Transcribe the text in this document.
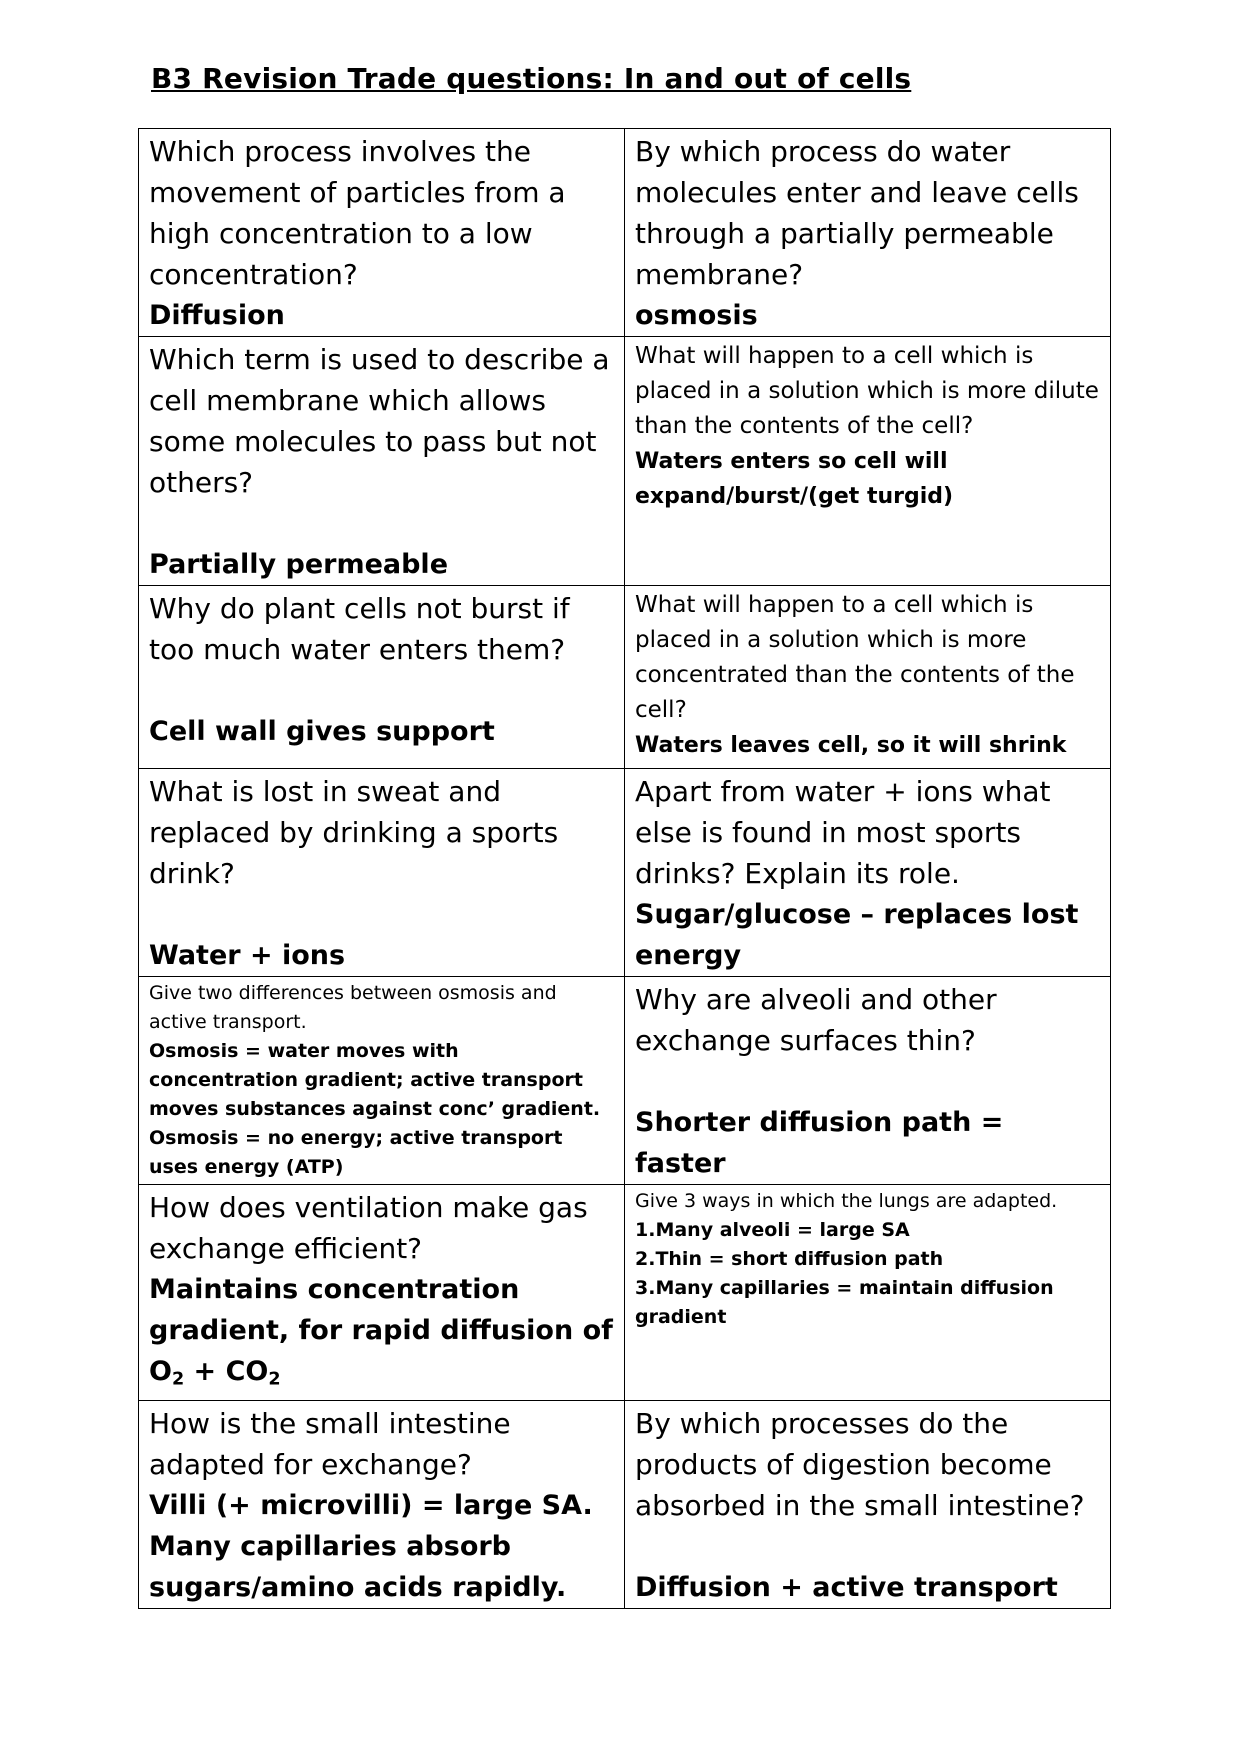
B3 Revision Trade questions: In and out of cells
Which process involves the movement of particles from a high concentration to a low concentration?
Diffusion	By which process do water molecules enter and leave cells through a partially permeable membrane?
osmosis

Which term is used to describe a cell membrane which allows some molecules to pass but not others?
Partially permeable	What will happen to a cell which is placed in a solution which is more dilute than the contents of the cell?
Waters enters so cell will expand/burst/(get turgid)

Why do plant cells not burst if too much water enters them?
Cell wall gives support	What will happen to a cell which is placed in a solution which is more concentrated than the contents of the cell?
Waters leaves cell, so it will shrink

What is lost in sweat and replaced by drinking a sports drink?
Water + ions	Apart from water + ions what else is found in most sports drinks? Explain its role.
Sugar/glucose – replaces lost energy

Give two differences between osmosis and active transport.
Osmosis = water moves with concentration gradient; active transport moves substances against conc’ gradient.
Osmosis = no energy; active transport uses energy (ATP)	Why are alveoli and other exchange surfaces thin?
Shorter diffusion path = faster

How does ventilation make gas exchange efficient?
Maintains concentration gradient, for rapid diffusion of $O_2 + CO_2$	Give 3 ways in which the lungs are adapted.
1.Many alveoli = large SA
2.Thin = short diffusion path
3.Many capillaries = maintain diffusion gradient

How is the small intestine adapted for exchange?
Villi (+ microvilli) = large SA.
Many capillaries absorb sugars/amino acids rapidly.	By which processes do the products of digestion become absorbed in the small intestine?
Diffusion + active transport
